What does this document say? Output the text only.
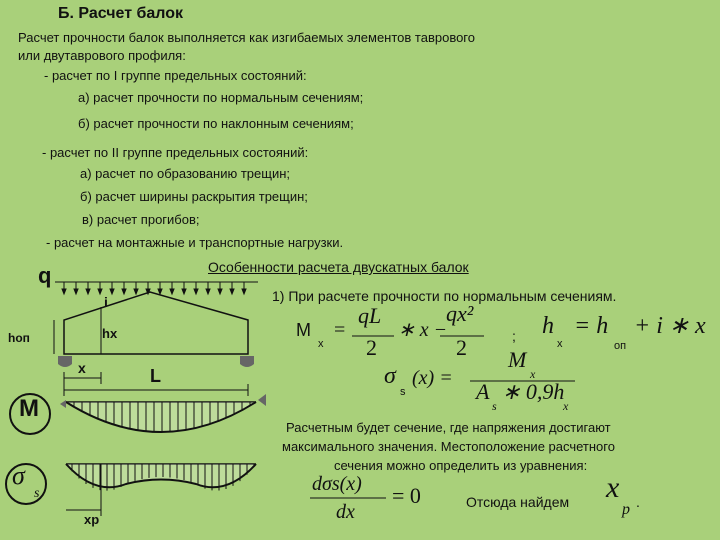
Б. Расчет балок
Расчет прочности балок выполняется как изгибаемых элементов таврового
или двутаврового профиля:
- расчет по I группе предельных состояний:
а) расчет прочности по нормальным сечениям;
б) расчет прочности по наклонным сечениям;
- расчет по II группе предельных состояний:
а) расчет по образованию трещин;
б) расчет ширины раскрытия трещин;
в) расчет прогибов;
- расчет на монтажные и транспортные нагрузки.
Особенности расчета двускатных балок
1) При расчете прочности по нормальным сечениям.
q
i
hx
hоп
x	L
M
σ
s
xp
M
x
=
qL
2
∗ x −
qx²
2	; h
x
= h
оп
+ i ∗ x
σ
s
(x) =
M
x
A
s
∗ 0,9h
x
Расчетным будет сечение, где напряжения достигают
максимального значения. Местоположение расчетного
сечения можно определить из уравнения:
dσs(x)
dx
= 0	Отсюда найдем x
p .
